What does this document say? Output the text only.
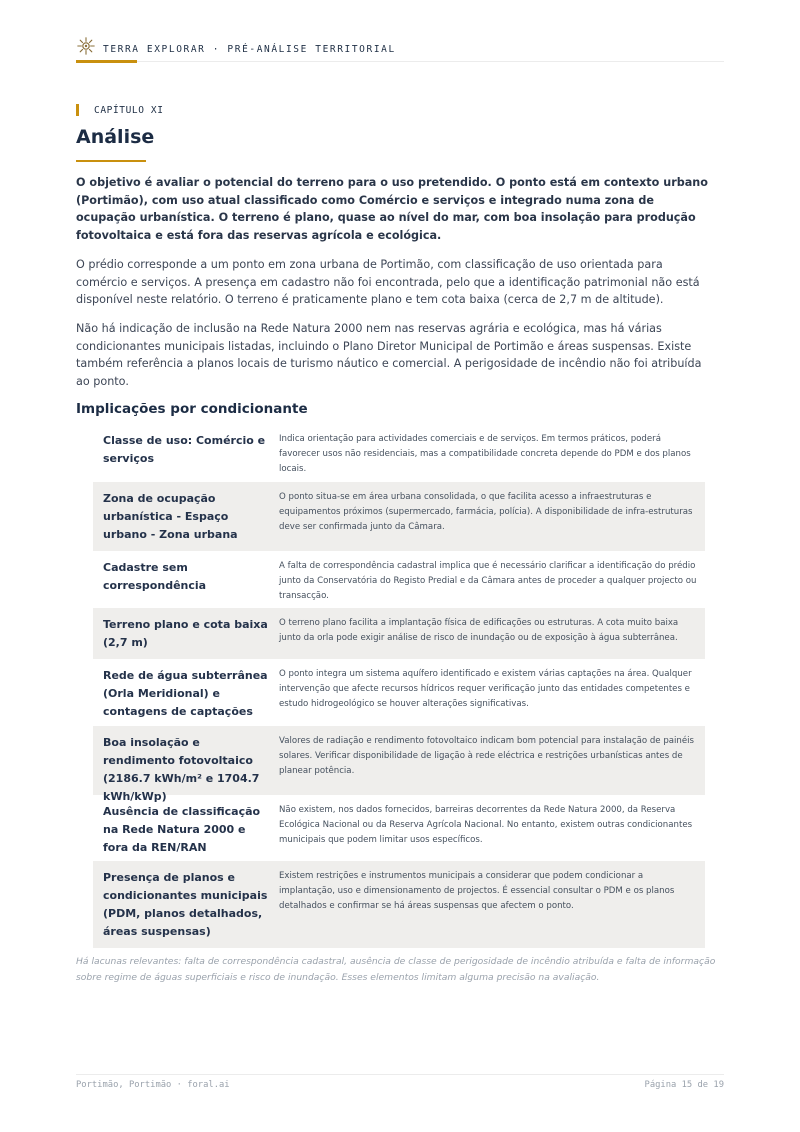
TERRA EXPLORAR · PRÉ-ANÁLISE TERRITORIAL
CAPÍTULO XI
Análise

O objetivo é avaliar o potencial do terreno para o uso pretendido. O ponto está em contexto urbano (Portimão), com uso atual classificado como Comércio e serviços e integrado numa zona de ocupação urbanística. O terreno é plano, quase ao nível do mar, com boa insolação para produção fotovoltaica e está fora das reservas agrícola e ecológica.

O prédio corresponde a um ponto em zona urbana de Portimão, com classificação de uso orientada para comércio e serviços. A presença em cadastro não foi encontrada, pelo que a identificação patrimonial não está disponível neste relatório. O terreno é praticamente plano e tem cota baixa (cerca de 2,7 m de altitude).

Não há indicação de inclusão na Rede Natura 2000 nem nas reservas agrária e ecológica, mas há várias condicionantes municipais listadas, incluindo o Plano Diretor Municipal de Portimão e áreas suspensas. Existe também referência a planos locais de turismo náutico e comercial. A perigosidade de incêndio não foi atribuída ao ponto.

Implicações por condicionante
Classe de uso: Comércio e serviços
Indica orientação para actividades comerciais e de serviços. Em termos práticos, poderá favorecer usos não residenciais, mas a compatibilidade concreta depende do PDM e dos planos locais.
Zona de ocupação urbanística - Espaço urbano - Zona urbana
O ponto situa-se em área urbana consolidada, o que facilita acesso a infraestruturas e equipamentos próximos (supermercado, farmácia, polícia). A disponibilidade de infra-estruturas deve ser confirmada junto da Câmara.
Cadastre sem correspondência
A falta de correspondência cadastral implica que é necessário clarificar a identificação do prédio junto da Conservatória do Registo Predial e da Câmara antes de proceder a qualquer projecto ou transacção.
Terreno plano e cota baixa (2,7 m)
O terreno plano facilita a implantação física de edificações ou estruturas. A cota muito baixa junto da orla pode exigir análise de risco de inundação ou de exposição à água subterrânea.
Rede de água subterrânea (Orla Meridional) e contagens de captações
O ponto integra um sistema aquífero identificado e existem várias captações na área. Qualquer intervenção que afecte recursos hídricos requer verificação junto das entidades competentes e estudo hidrogeológico se houver alterações significativas.
Boa insolação e rendimento fotovoltaico (2186.7 kWh/m² e 1704.7 kWh/kWp)
Valores de radiação e rendimento fotovoltaico indicam bom potencial para instalação de painéis solares. Verificar disponibilidade de ligação à rede eléctrica e restrições urbanísticas antes de planear potência.
Ausência de classificação na Rede Natura 2000 e fora da REN/RAN
Não existem, nos dados fornecidos, barreiras decorrentes da Rede Natura 2000, da Reserva Ecológica Nacional ou da Reserva Agrícola Nacional. No entanto, existem outras condicionantes municipais que podem limitar usos específicos.
Presença de planos e condicionantes municipais (PDM, planos detalhados, áreas suspensas)
Existem restrições e instrumentos municipais a considerar que podem condicionar a implantação, uso e dimensionamento de projectos. É essencial consultar o PDM e os planos detalhados e confirmar se há áreas suspensas que afectem o ponto.

Há lacunas relevantes: falta de correspondência cadastral, ausência de classe de perigosidade de incêndio atribuída e falta de informação sobre regime de águas superficiais e risco de inundação. Esses elementos limitam alguma precisão na avaliação.

Portimão, Portimão · foral.ai	Página 15 de 19
